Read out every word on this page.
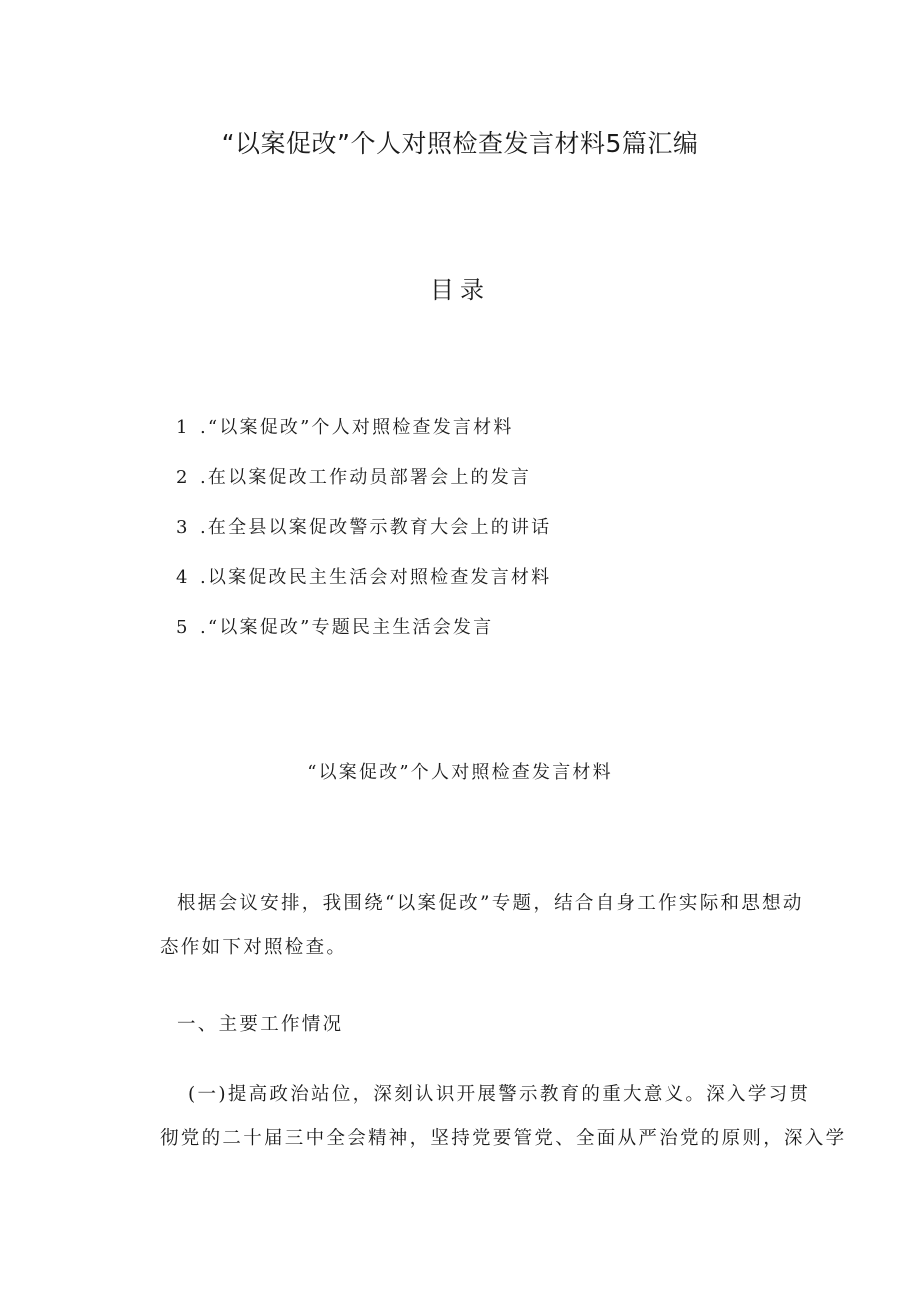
“以案促改”个人对照检查发言材料5篇汇编
目录
1 .“以案促改”个人对照检查发言材料
2 .在以案促改工作动员部署会上的发言
3 .在全县以案促改警示教育大会上的讲话
4 .以案促改民主生活会对照检查发言材料
5 .“以案促改”专题民主生活会发言
“以案促改”个人对照检查发言材料
根据会议安排，我围绕“以案促改”专题，结合自身工作实际和思想动
态作如下对照检查。
一、主要工作情况
(一)提高政治站位，深刻认识开展警示教育的重大意义。深入学习贯
彻党的二十届三中全会精神，坚持党要管党、全面从严治党的原则，深入学
